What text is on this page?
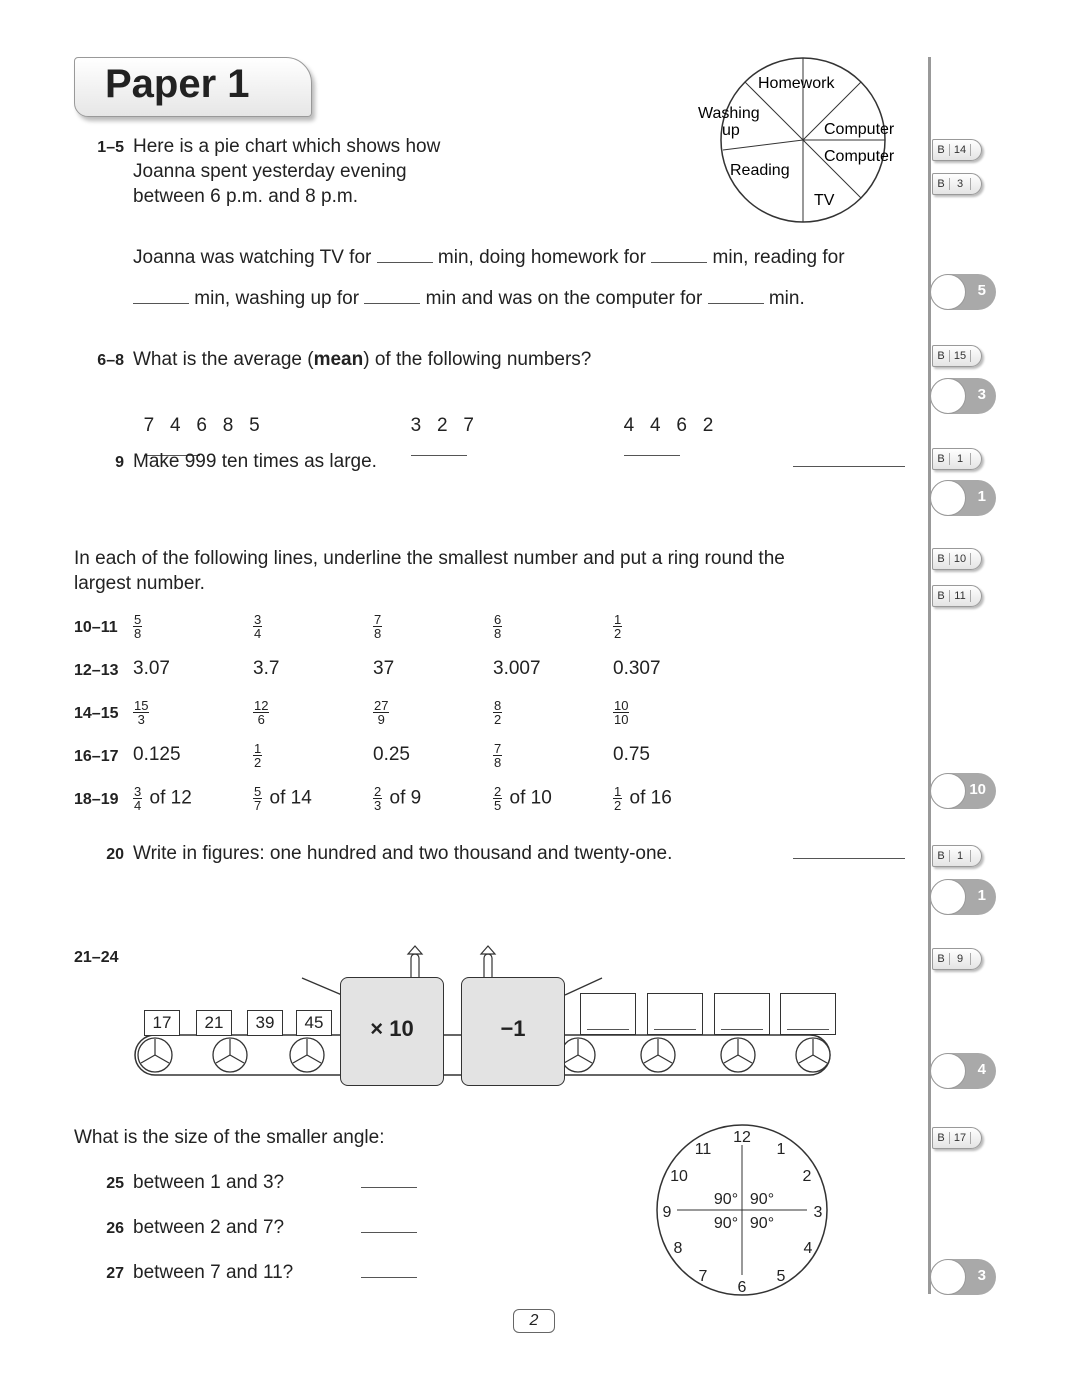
Paper 1
1–5 Here is a pie chart which shows how
Joanna spent yesterday evening
between 6 p.m. and 8 p.m.
Homework
Washing
up	Computer
Computer
Reading
TV
Joanna was watching TV for	min, doing homework for	min, reading for
min, washing up for	min and was on the computer for	min.
6–8 What is the average (mean) of the following numbers?

7   4   6   8   5
	3   2   7
	4   4   6   2

9 Make 999 ten times as large.
In each of the following lines, underline the smallest number and put a ring round the
largest number.
$10-11 \frac{5}{8}$	$\frac{3}{4}$	$\frac{7}{8}$	$\frac{6}{8}$	$\frac{1}{2}$
12–13 3.07	3.7	37	3.007	0.307
$14-15 \frac{15}{3}$	$\frac{12}{6}$	$\frac{27}{9}$	$\frac{8}{2}$	$\frac{10}{10}$
16–17 0.125	$\frac{1}{2}$	0.25	$\frac{7}{8}$	0.75
$18-19 \frac{3}{4}$ of 12	$\frac{5}{7}$ of 14	$\frac{2}{3}$ of 9	$\frac{2}{5}$ of 10	$\frac{1}{2}$ of 16
20 Write in figures: one hundred and two thousand and twenty-one.
21–24
× 10	−1
17	21	39	45
What is the size of the smaller angle:
25 between 1 and 3?
26 between 2 and 7?
27 between 7 and 11?
12
1
2
3
4
5
6
7
8
9
10
11
90° 90°
90° 90°
B 14
B	3
B 15
B	1
B 10
B 11
B	1
B	9
B 17
5
3
1
10
1
4
3
2
